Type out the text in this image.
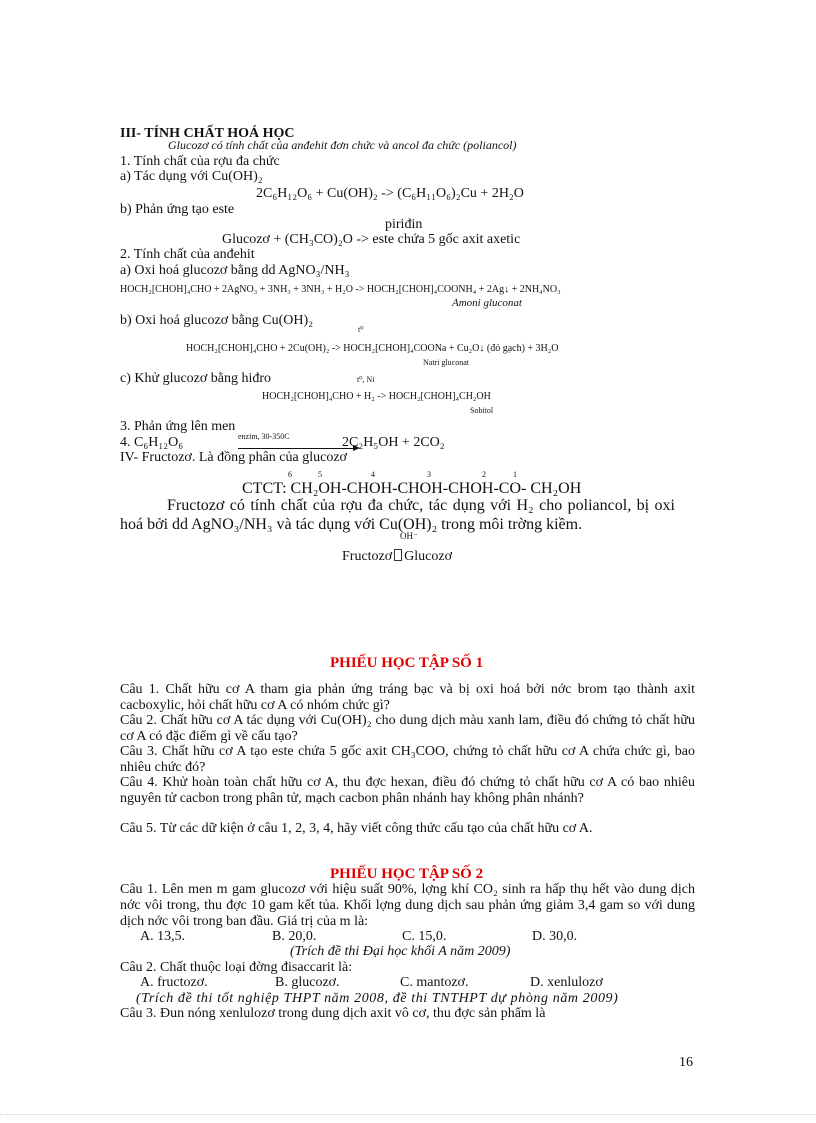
III- TÍNH CHẤT HOÁ HỌC
Glucozơ có tính chất của anđehit đơn chức và ancol đa chức (poliancol)
1. Tính chất của rợu đa chức
a) Tác dụng với Cu(OH)₂
2C₆H₁₂O₆ + Cu(OH)₂ -> (C₆H₁₁O₆)₂Cu + 2H₂O
b) Phản ứng tạo este
piriđin
Glucozơ + (CH₃CO)₂O -> este chứa 5 gốc axit axetic
2. Tính chất của anđehit
a) Oxi hoá glucozơ bằng dd AgNO₃/NH₃
HOCH₂[CHOH]₄CHO + 2AgNO₃ + 3NH₃ + 3NH₃ + H₂O -> HOCH₂[CHOH]₄COONH₄ + 2Ag↓ + 2NH₄NO₃
Amoni gluconat
b) Oxi hoá glucozơ bằng Cu(OH)₂
t⁰
HOCH₂[CHOH]₄CHO + 2Cu(OH)₂ -> HOCH₂[CHOH]₄COONa + Cu₂O↓ (đỏ gạch) + 3H₂O
Natri gluconat
c) Khử glucozơ bằng hiđro	t⁰, Ni
HOCH₂[CHOH]₄CHO + H₂ -> HOCH₂[CHOH]₄CH₂OH
Sobitol
3. Phản ứng lên men
4. C₆H₁₂O₆	enzim, 30-350C	2C₂H₅OH + 2CO₂
IV- Fructozơ. Là đồng phân của glucozơ
6	5	4	3	2	1
CTCT: CH₂OH-CHOH-CHOH-CHOH-CO- CH₂OH
Fructozơ có tính chất của rợu đa chức, tác dụng với H₂ cho poliancol, bị oxi hoá bởi dd AgNO₃/NH₃ và tác dụng với Cu(OH)₂ trong môi trờng kiềm.
OH⁻
Fructozơ Glucozơ
PHIẾU HỌC TẬP SỐ 1
Câu 1. Chất hữu cơ A tham gia phản ứng tráng bạc và bị oxi hoá bởi nớc brom tạo thành axit cacboxylic, hỏi chất hữu cơ A có nhóm chức gì?
Câu 2. Chất hữu cơ A tác dụng với Cu(OH)₂ cho dung dịch màu xanh lam, điều đó chứng tỏ chất hữu cơ A có đặc điểm gì về cấu tạo?
Câu 3. Chất hữu cơ A tạo este chứa 5 gốc axit CH₃COO, chứng tỏ chất hữu cơ A chứa chức gì, bao nhiêu chức đó?
Câu 4. Khử hoàn toàn chất hữu cơ A, thu đợc hexan, điều đó chứng tỏ chất hữu cơ A có bao nhiêu nguyên tử cacbon trong phân tử, mạch cacbon phân nhánh hay không phân nhánh?
Câu 5. Từ các dữ kiện ở câu 1, 2, 3, 4, hãy viết công thức cấu tạo của chất hữu cơ A.
PHIẾU HỌC TẬP SỐ 2
Câu 1. Lên men m gam glucozơ với hiệu suất 90%, lợng khí CO₂ sinh ra hấp thụ hết vào dung dịch nớc vôi trong, thu đợc 10 gam kết tủa. Khối lợng dung dịch sau phản ứng giảm 3,4 gam so với dung dịch nớc vôi trong ban đầu. Giá trị của m là:
A. 13,5.	B. 20,0.	C. 15,0.	D. 30,0.
(Trích đề thi Đại học khối A năm 2009)
Câu 2. Chất thuộc loại đờng đisaccarit là:
A. fructozơ.	B. glucozơ.	C. mantozơ.	D. xenlulozơ
(Trích đề thi tốt nghiệp THPT năm 2008, đề thi TNTHPT dự phòng năm 2009)
Câu 3. Đun nóng xenlulozơ trong dung dịch axit vô cơ, thu đợc sản phẩm là
16
